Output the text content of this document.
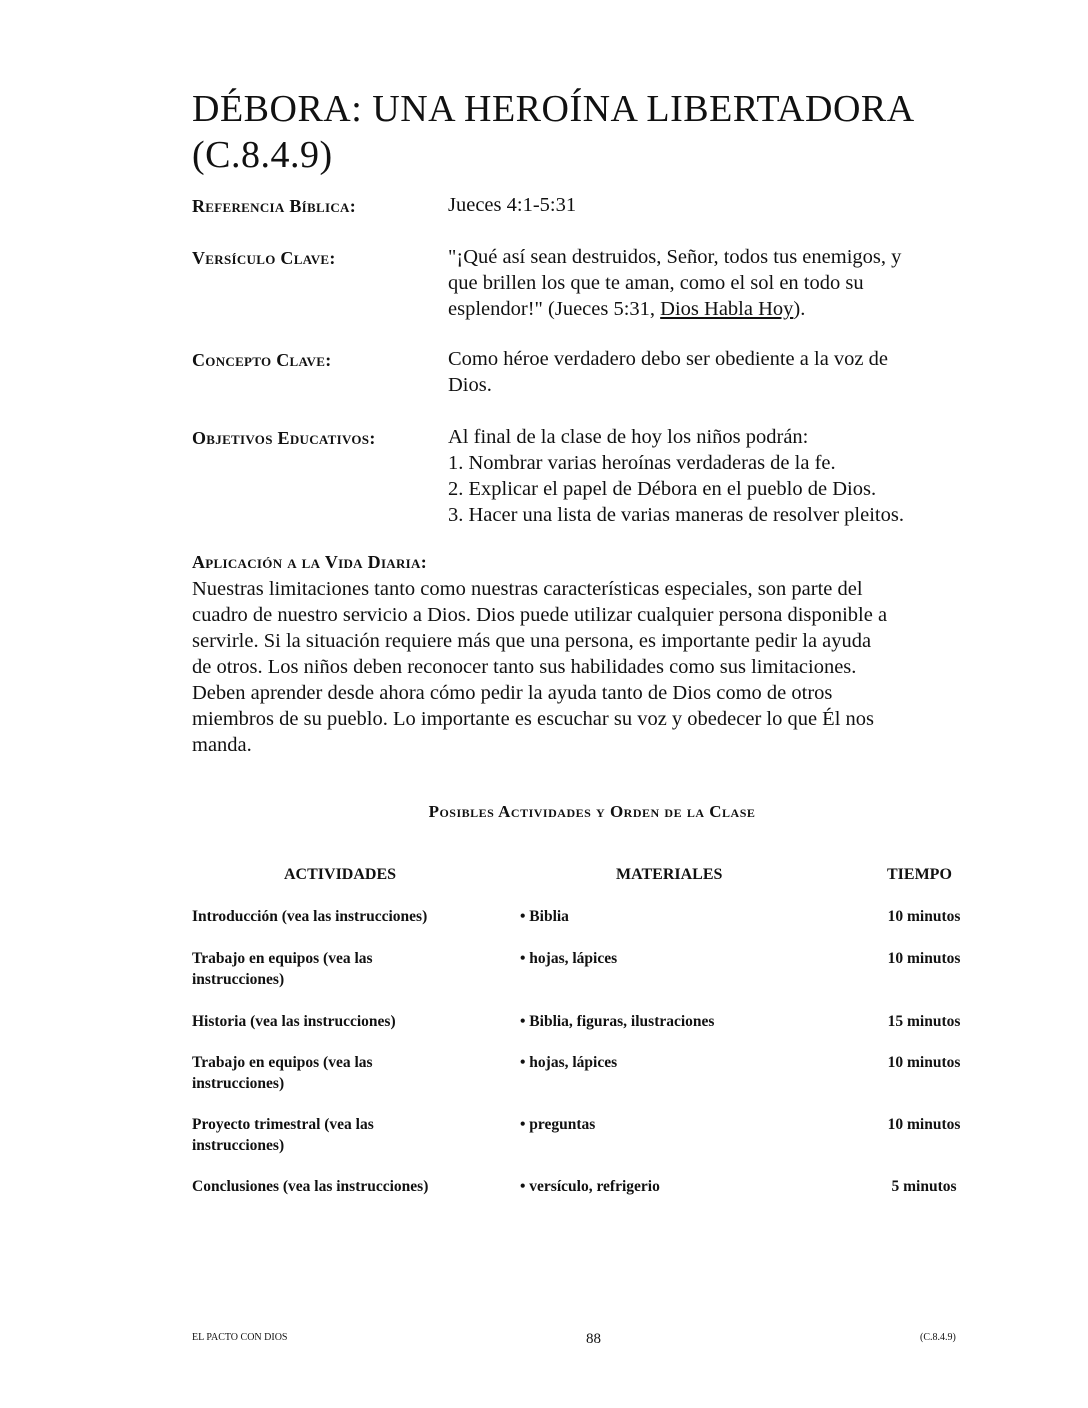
DÉBORA: UNA HEROÍNA LIBERTADORA
(C.8.4.9)
Referencia Bíblica:	Jueces 4:1-5:31
Versículo Clave:	"¡Qué así sean destruidos, Señor, todos tus enemigos, y
que brillen los que te aman, como el sol en todo su
esplendor!" (Jueces 5:31, Dios Habla Hoy).
Concepto Clave:	Como héroe verdadero debo ser obediente a la voz de
Dios.
Objetivos Educativos:	Al final de la clase de hoy los niños podrán:
1. Nombrar varias heroínas verdaderas de la fe.
2. Explicar el papel de Débora en el pueblo de Dios.
3. Hacer una lista de varias maneras de resolver pleitos.
Aplicación a la Vida Diaria:
Nuestras limitaciones tanto como nuestras características especiales, son parte del
cuadro de nuestro servicio a Dios. Dios puede utilizar cualquier persona disponible a
servirle. Si la situación requiere más que una persona, es importante pedir la ayuda
de otros. Los niños deben reconocer tanto sus habilidades como sus limitaciones.
Deben aprender desde ahora cómo pedir la ayuda tanto de Dios como de otros
miembros de su pueblo. Lo importante es escuchar su voz y obedecer lo que Él nos
manda.
Posibles Actividades y Orden de la Clase
ACTIVIDADES	MATERIALES	TIEMPO
Introducción (vea las instrucciones)	• Biblia	10 minutos
Trabajo en equipos (vea las
instrucciones)
• hojas, lápices	10 minutos
Historia (vea las instrucciones)	• Biblia, figuras, ilustraciones	15 minutos
Trabajo en equipos (vea las
instrucciones)
• hojas, lápices	10 minutos
Proyecto trimestral (vea las
instrucciones)
• preguntas	10 minutos
Conclusiones (vea las instrucciones)	• versículo, refrigerio	5 minutos
EL PACTO CON DIOS	88	(C.8.4.9)
